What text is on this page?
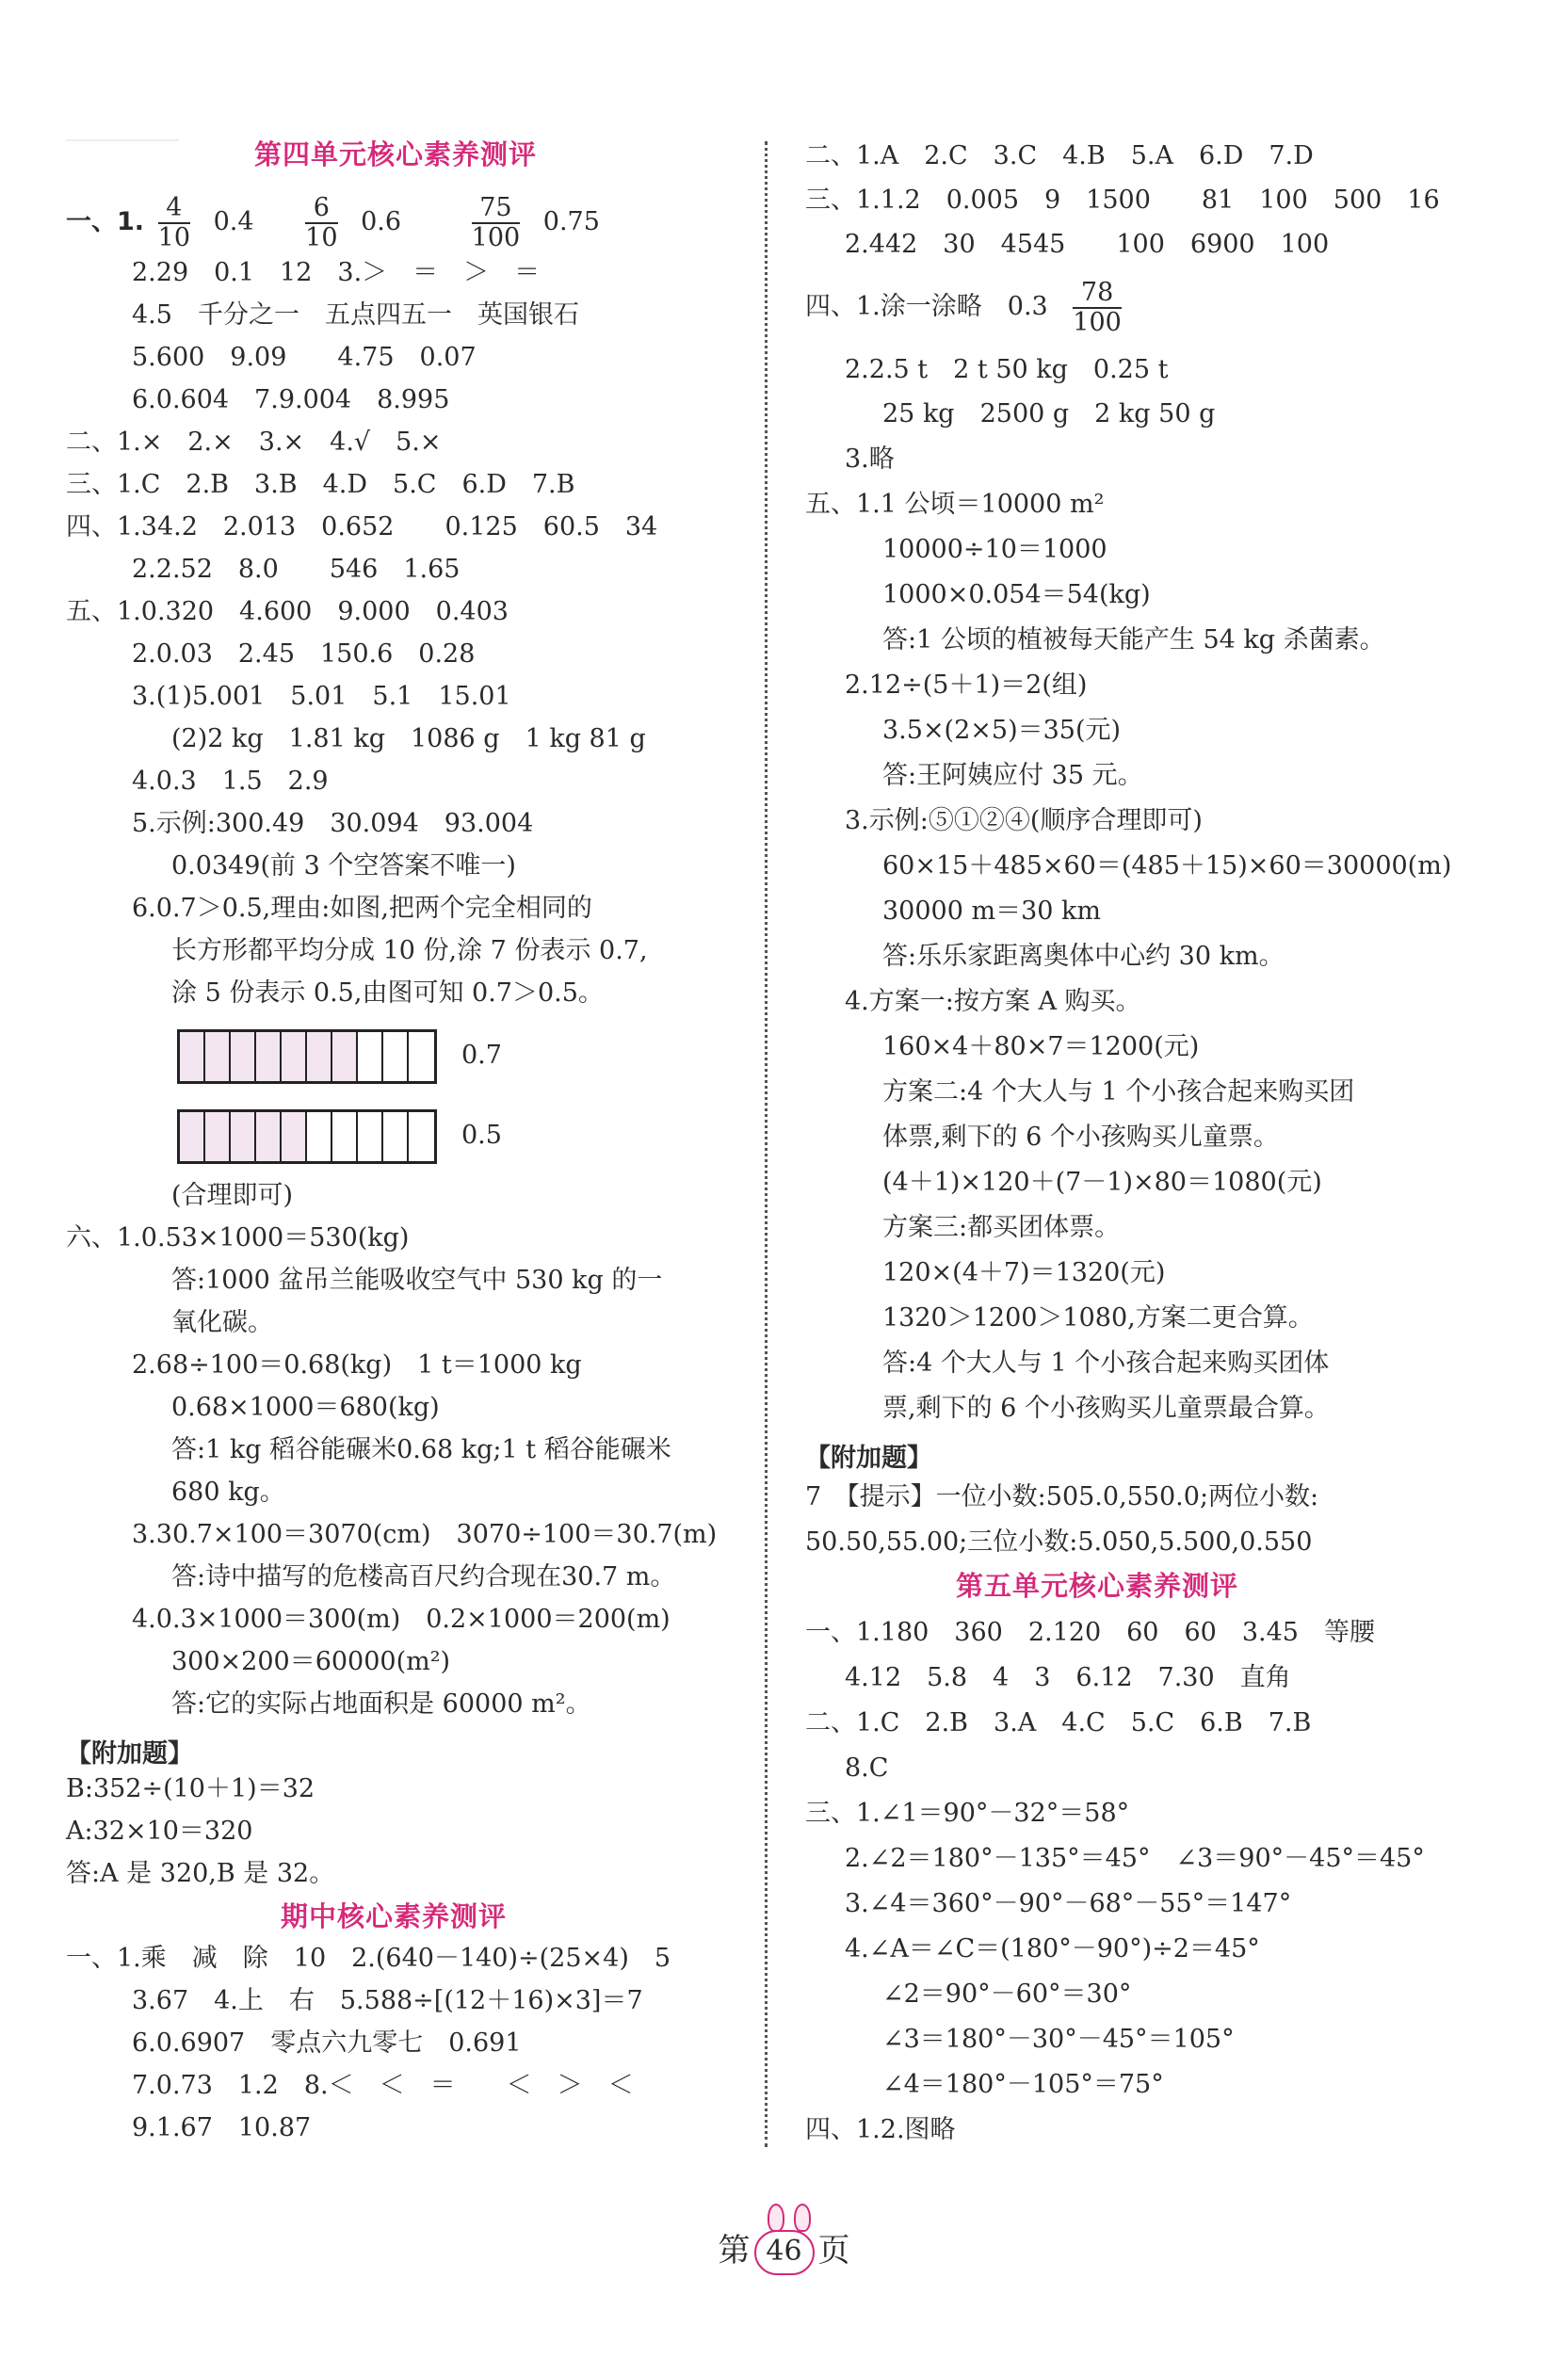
第四单元核心素养测评
一、1. $\frac{4}{10} 0.4 \frac{6}{10} 0.6$	$\frac{75}{100} 0.75$
2.29　0.1　12　3.＞　＝　＞　＝
4.5　千分之一　五点四五一　英国银石
5.600　9.09　　4.75　0.07
6.0.604　7.9.004　8.995
二、1.×　2.×　3.×　4.√　5.×
三、1.C　2.B　3.B　4.D　5.C　6.D　7.B
四、1.34.2　2.013　0.652　　0.125　60.5　34
2.2.52　8.0　　546　1.65
五、1.0.320　4.600　9.000　0.403
2.0.03　2.45　150.6　0.28
3.(1)5.001　5.01　5.1　15.01
(2)2 kg　1.81 kg　1086 g　1 kg 81 g
4.0.3　1.5　2.9
5.示例:300.49　30.094　93.004
0.0349(前 3 个空答案不唯一)
6.0.7＞0.5,理由:如图,把两个完全相同的
长方形都平均分成 10 份,涂 7 份表示 0.7,
涂 5 份表示 0.5,由图可知 0.7＞0.5。
0.7
0.5
(合理即可)
六、1.0.53×1000＝530(kg)
答:1000 盆吊兰能吸收空气中 530 kg 的一
氧化碳。
2.68÷100＝0.68(kg)　1 t＝1000 kg
0.68×1000＝680(kg)
答:1 kg 稻谷能碾米0.68 kg;1 t 稻谷能碾米
680 kg。
3.30.7×100＝3070(cm)　3070÷100＝30.7(m)
答:诗中描写的危楼高百尺约合现在30.7 m。
4.0.3×1000＝300(m)　0.2×1000＝200(m)
300×200＝60000(m²)
答:它的实际占地面积是 60000 m²。
【附加题】
B:352÷(10＋1)＝32
A:32×10＝320
答:A 是 320,B 是 32。
期中核心素养测评
一、1.乘　减　除　10　2.(640－140)÷(25×4)　5
3.67　4.上　右　5.588÷[(12＋16)×3]＝7
6.0.6907　零点六九零七　0.691
7.0.73　1.2　8.＜　＜　＝　　＜　＞　＜
9.1.67　10.87
二、1.A　2.C　3.C　4.B　5.A　6.D　7.D
三、1.1.2　0.005　9　1500　　81　100　500　16
2.442　30　4545　　100　6900　100
四、1.涂一涂略　$0.3 \frac{78}{100}$
2.2.5 t　2 t 50 kg　0.25 t
25 kg　2500 g　2 kg 50 g
3.略
五、1.1 公顷＝10000 m²
10000÷10＝1000
1000×0.054＝54(kg)
答:1 公顷的植被每天能产生 54 kg 杀菌素。
2.12÷(5＋1)＝2(组)
3.5×(2×5)＝35(元)
答:王阿姨应付 35 元。
3.示例:⑤①②④(顺序合理即可)
60×15＋485×60＝(485＋15)×60＝30000(m)
30000 m＝30 km
答:乐乐家距离奥体中心约 30 km。
4.方案一:按方案 A 购买。
160×4＋80×7＝1200(元)
方案二:4 个大人与 1 个小孩合起来购买团
体票,剩下的 6 个小孩购买儿童票。
(4＋1)×120＋(7－1)×80＝1080(元)
方案三:都买团体票。
120×(4＋7)＝1320(元)
1320＞1200＞1080,方案二更合算。
答:4 个大人与 1 个小孩合起来购买团体
票,剩下的 6 个小孩购买儿童票最合算。
【附加题】
7　【提示】一位小数:505.0,550.0;两位小数:
50.50,55.00;三位小数:5.050,5.500,0.550
第五单元核心素养测评
一、1.180　360　2.120　60　60　3.45　等腰
4.12　5.8　4　3　6.12　7.30　直角
二、1.C　2.B　3.A　4.C　5.C　6.B　7.B
8.C
三、1.∠1＝90°－32°＝58°
2.∠2＝180°－135°＝45°　∠3＝90°－45°＝45°
3.∠4＝360°－90°－68°－55°＝147°
4.∠A＝∠C＝(180°－90°)÷2＝45°
∠2＝90°－60°＝30°
∠3＝180°－30°－45°＝105°
∠4＝180°－105°＝75°
四、1.2.图略
第 46 页
